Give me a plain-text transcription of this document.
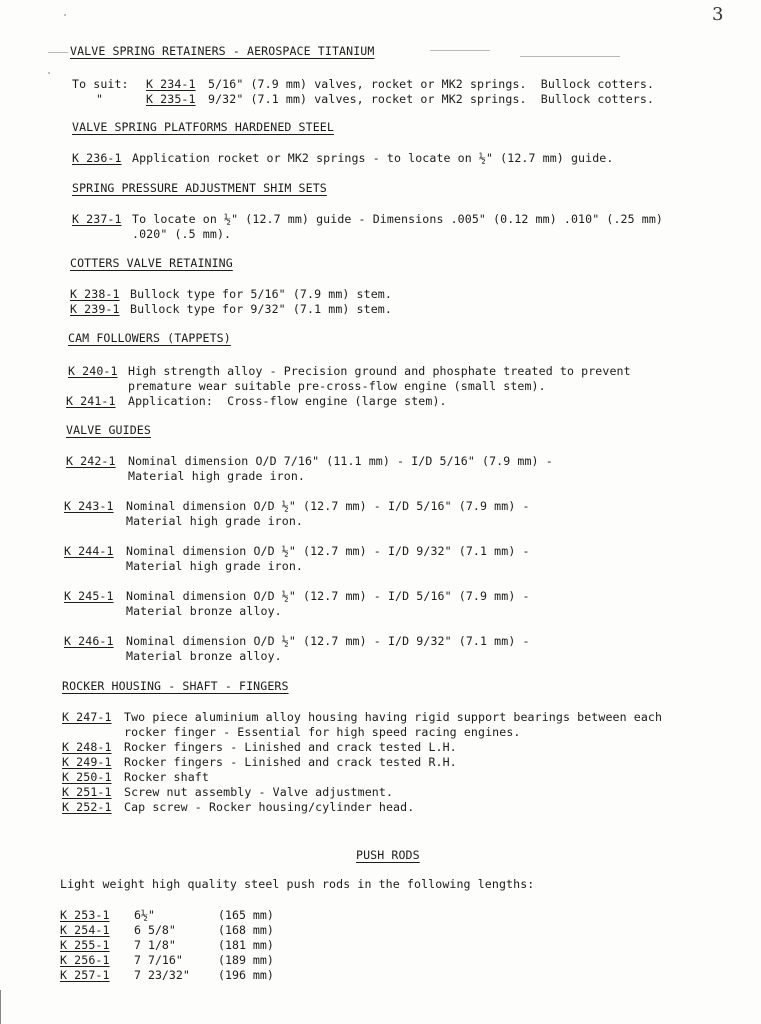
3
VALVE SPRING RETAINERS - AEROSPACE TITANIUM
To suit: K 234-1 5/16" (7.9 mm) valves, rocket or MK2 springs.  Bullock cotters.
"	K 235-1 9/32" (7.1 mm) valves, rocket or MK2 springs.  Bullock cotters.
VALVE SPRING PLATFORMS HARDENED STEEL
K 236-1 Application rocket or MK2 springs - to locate on ½" (12.7 mm) guide.
SPRING PRESSURE ADJUSTMENT SHIM SETS
K 237-1 To locate on ½" (12.7 mm) guide - Dimensions .005" (0.12 mm) .010" (.25 mm)
.020" (.5 mm).
COTTERS VALVE RETAINING
K 238-1 Bullock type for 5/16" (7.9 mm) stem.
K 239-1 Bullock type for 9/32" (7.1 mm) stem.
CAM FOLLOWERS (TAPPETS)
K 240-1 High strength alloy - Precision ground and phosphate treated to prevent
premature wear suitable pre-cross-flow engine (small stem).
K 241-1 Application:  Cross-flow engine (large stem).
VALVE GUIDES
K 242-1 Nominal dimension O/D 7/16" (11.1 mm) - I/D 5/16" (7.9 mm) -
Material high grade iron.
K 243-1 Nominal dimension O/D ½" (12.7 mm) - I/D 5/16" (7.9 mm) -
Material high grade iron.
K 244-1 Nominal dimension O/D ½" (12.7 mm) - I/D 9/32" (7.1 mm) -
Material high grade iron.
K 245-1 Nominal dimension O/D ½" (12.7 mm) - I/D 5/16" (7.9 mm) -
Material bronze alloy.
K 246-1 Nominal dimension O/D ½" (12.7 mm) - I/D 9/32" (7.1 mm) -
Material bronze alloy.
ROCKER HOUSING - SHAFT - FINGERS
K 247-1 Two piece aluminium alloy housing having rigid support bearings between each
rocker finger - Essential for high speed racing engines.
K 248-1 Rocker fingers - Linished and crack tested L.H.
K 249-1 Rocker fingers - Linished and crack tested R.H.
K 250-1 Rocker shaft
K 251-1 Screw nut assembly - Valve adjustment.
K 252-1 Cap screw - Rocker housing/cylinder head.
PUSH RODS
Light weight high quality steel push rods in the following lengths:
K 253-1 6½"	(165 mm)
K 254-1 6 5/8"	(168 mm)
K 255-1 7 1/8"	(181 mm)
K 256-1 7 7/16"	(189 mm)
K 257-1 7 23/32" (196 mm)
